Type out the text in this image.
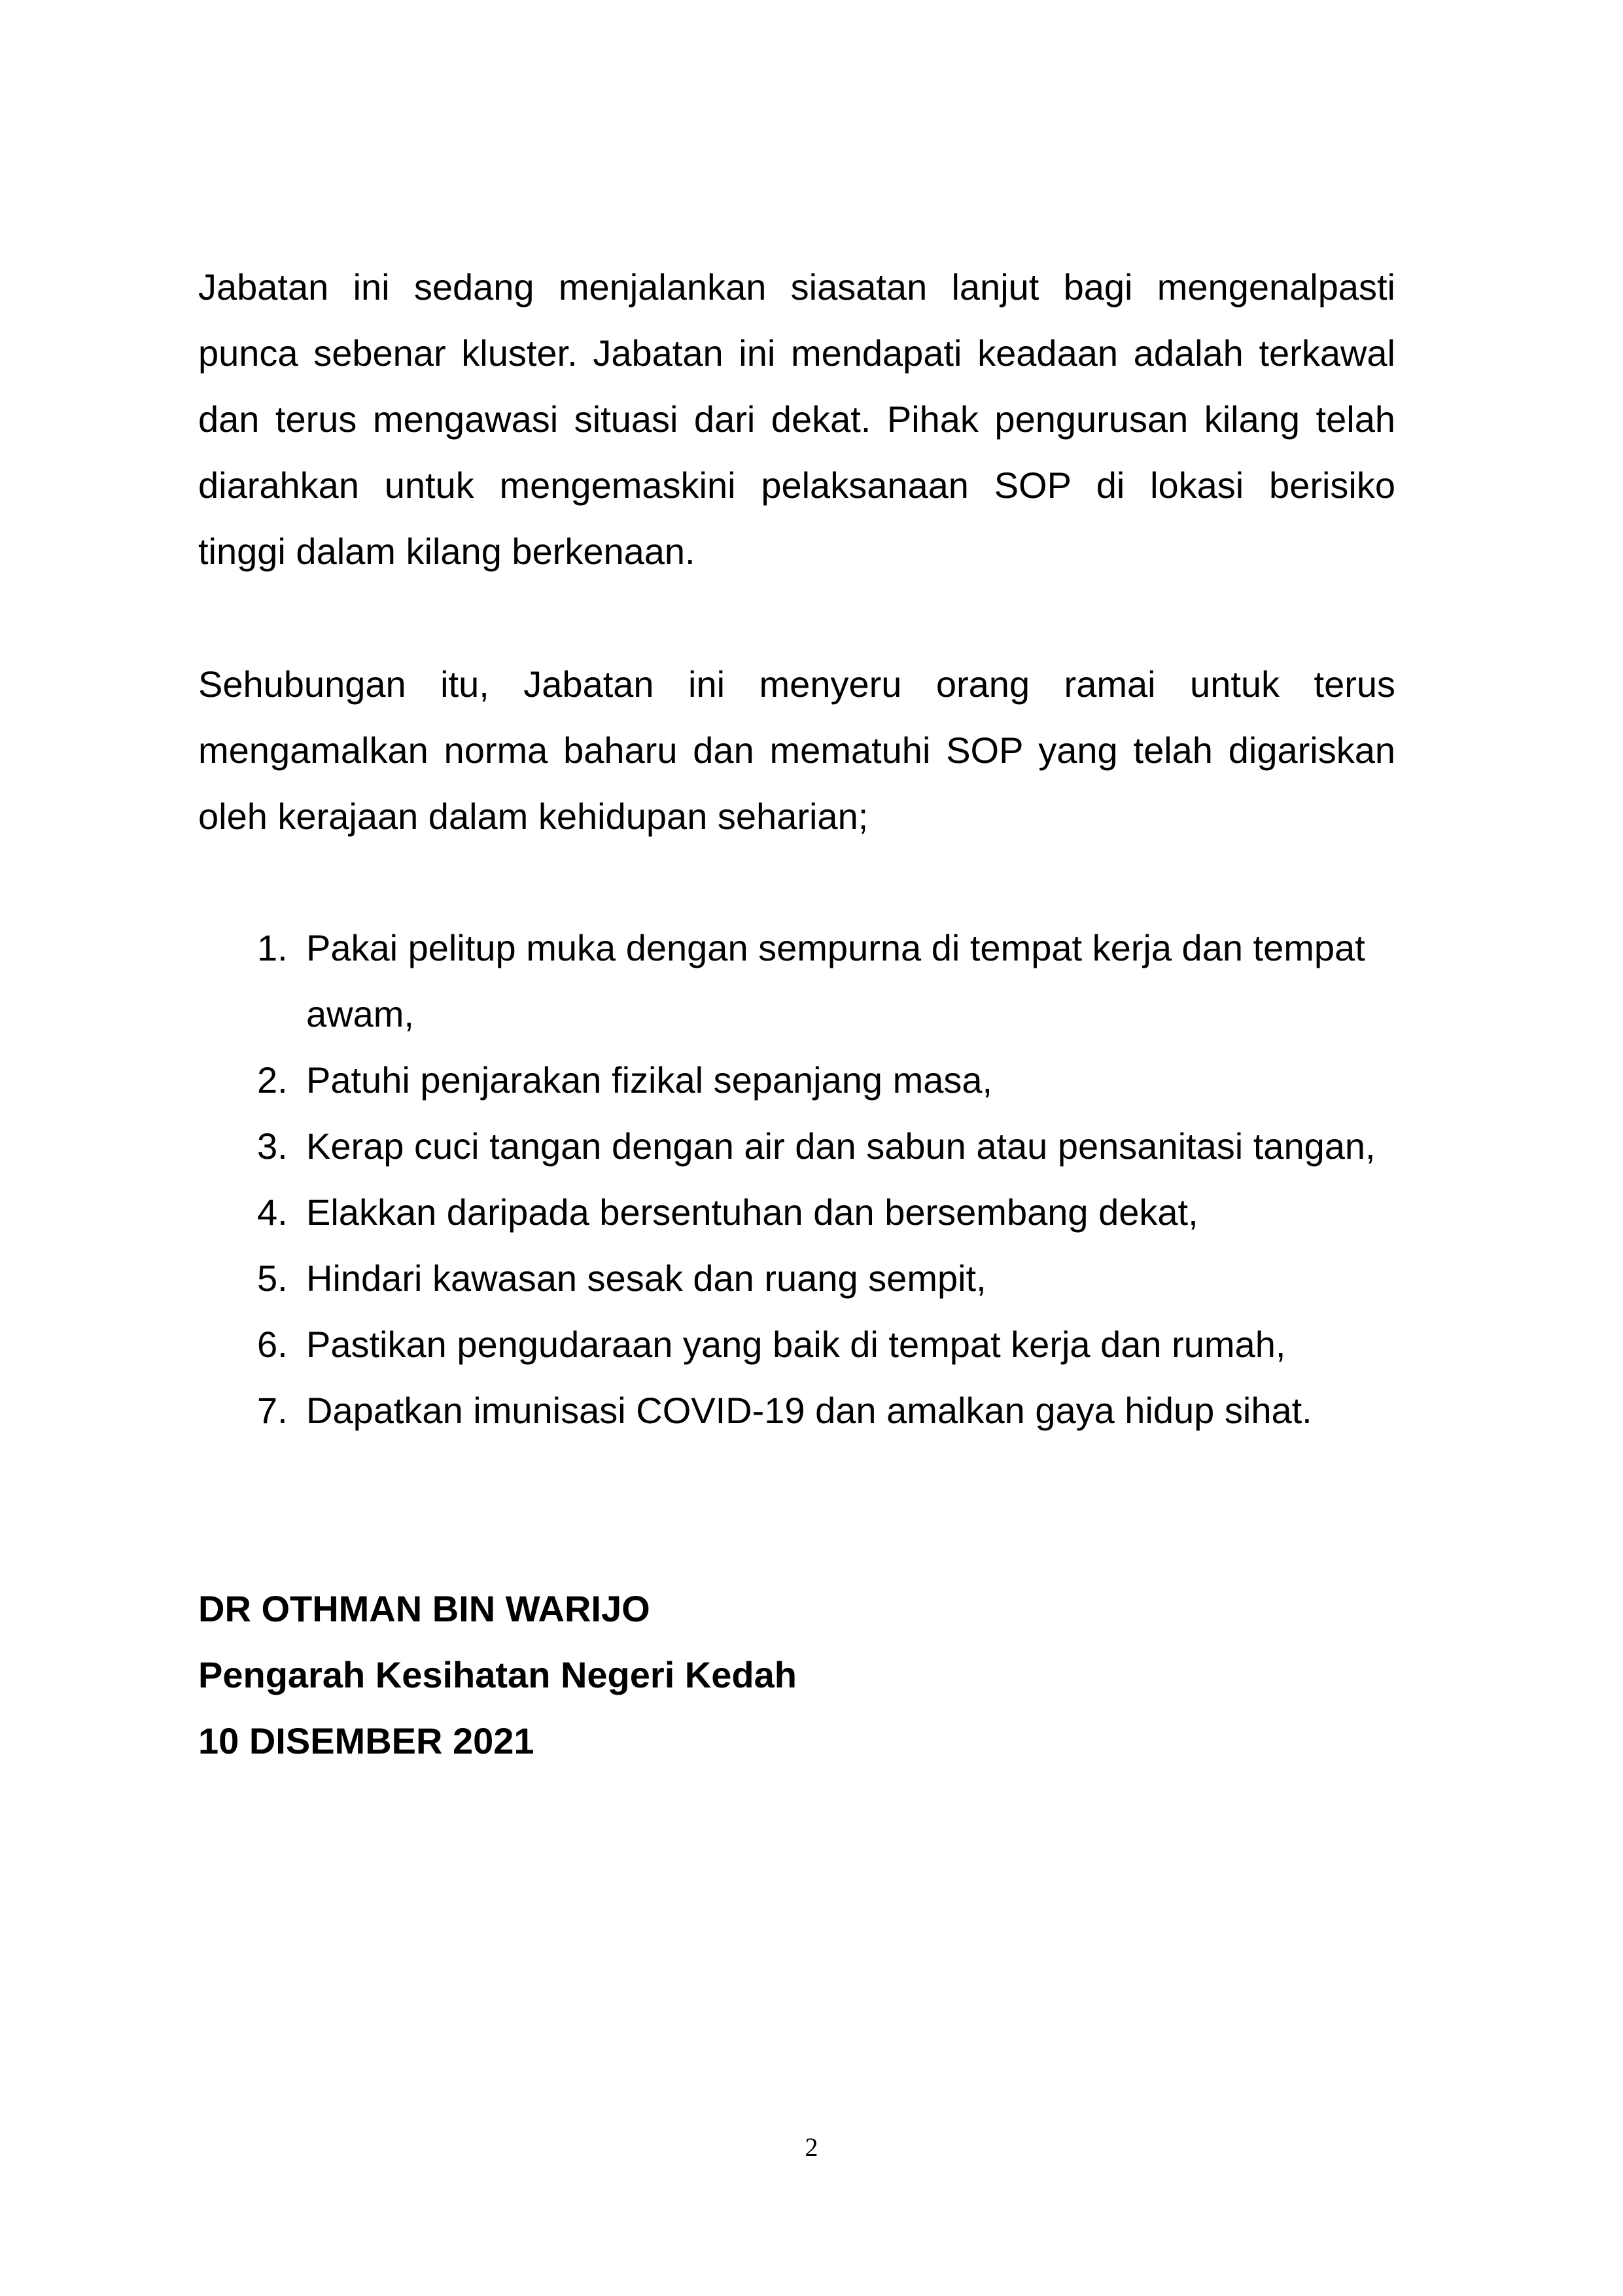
Jabatan ini sedang menjalankan siasatan lanjut bagi mengenalpasti
punca sebenar kluster. Jabatan ini mendapati keadaan adalah terkawal
dan terus mengawasi situasi dari dekat. Pihak pengurusan kilang telah
diarahkan untuk mengemaskini pelaksanaan SOP di lokasi berisiko
tinggi dalam kilang berkenaan.

Sehubungan itu, Jabatan ini menyeru orang ramai untuk terus
mengamalkan norma baharu dan mematuhi SOP yang telah digariskan
oleh kerajaan dalam kehidupan seharian;

1. Pakai pelitup muka dengan sempurna di tempat kerja dan tempat
awam,
2. Patuhi penjarakan fizikal sepanjang masa,
3. Kerap cuci tangan dengan air dan sabun atau pensanitasi tangan,
4. Elakkan daripada bersentuhan dan bersembang dekat,
5. Hindari kawasan sesak dan ruang sempit,
6. Pastikan pengudaraan yang baik di tempat kerja dan rumah,
7. Dapatkan imunisasi COVID-19 dan amalkan gaya hidup sihat.
DR OTHMAN BIN WARIJO
Pengarah Kesihatan Negeri Kedah
10 DISEMBER 2021
2
